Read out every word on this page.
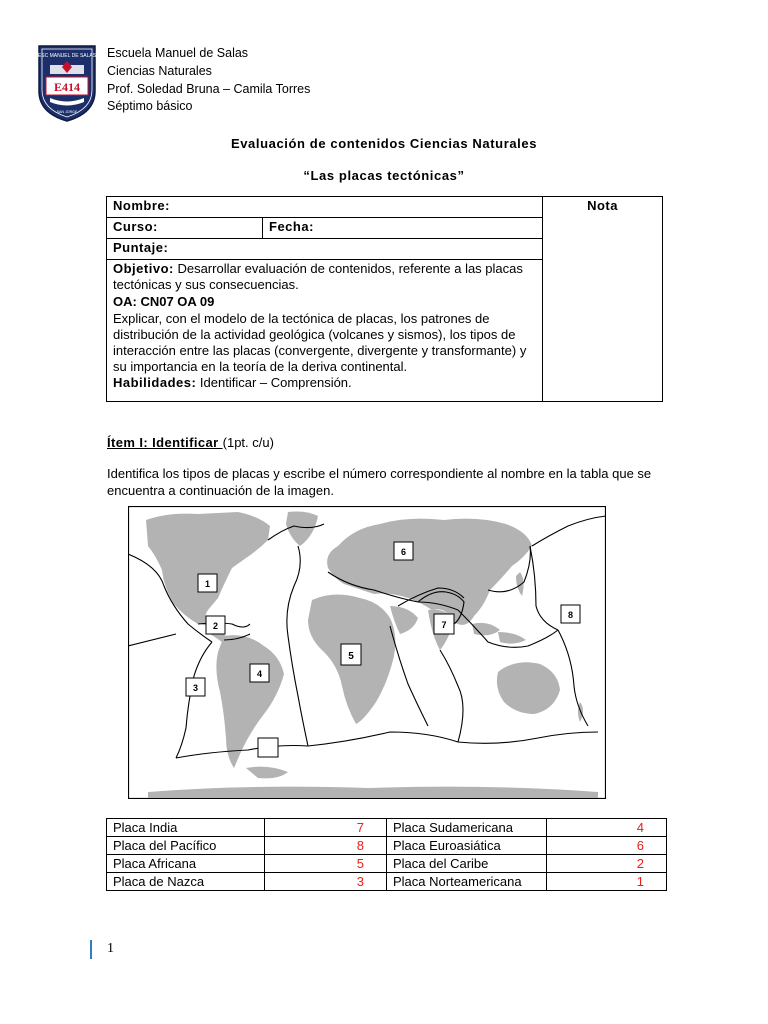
ESC MANUEL DE SALAS
E414
SAN JORGE
Escuela Manuel de Salas
Ciencias Naturales
Prof. Soledad Bruna – Camila Torres
Séptimo básico
Evaluación de contenidos Ciencias Naturales
“Las placas tectónicas”
Nombre:		Nota
Curso:	Fecha:	
Puntaje:		

Objetivo: Desarrollar evaluación de contenidos, referente a las placas tectónicas y sus consecuencias.
OA: CN07 OA 09
Explicar, con el modelo de la tectónica de placas, los patrones de distribución de la actividad geológica (volcanes y sismos), los tipos de interacción entre las placas (convergente, divergente y transformante) y su importancia en la teoría de la deriva continental.
Habilidades: Identificar – Comprensión.		
Ítem I: Identificar (1pt. c/u)
Identifica los tipos de placas y escribe el número correspondiente al nombre en la tabla que se encuentra a continuación de la imagen.
1
2
3
4
5
6
7
8
Placa India	7	Placa Sudamericana	4
Placa del Pacífico	8	Placa Euroasiática	6
Placa Africana	5	Placa del Caribe	2
Placa de Nazca	3	Placa Norteamericana	1
1
